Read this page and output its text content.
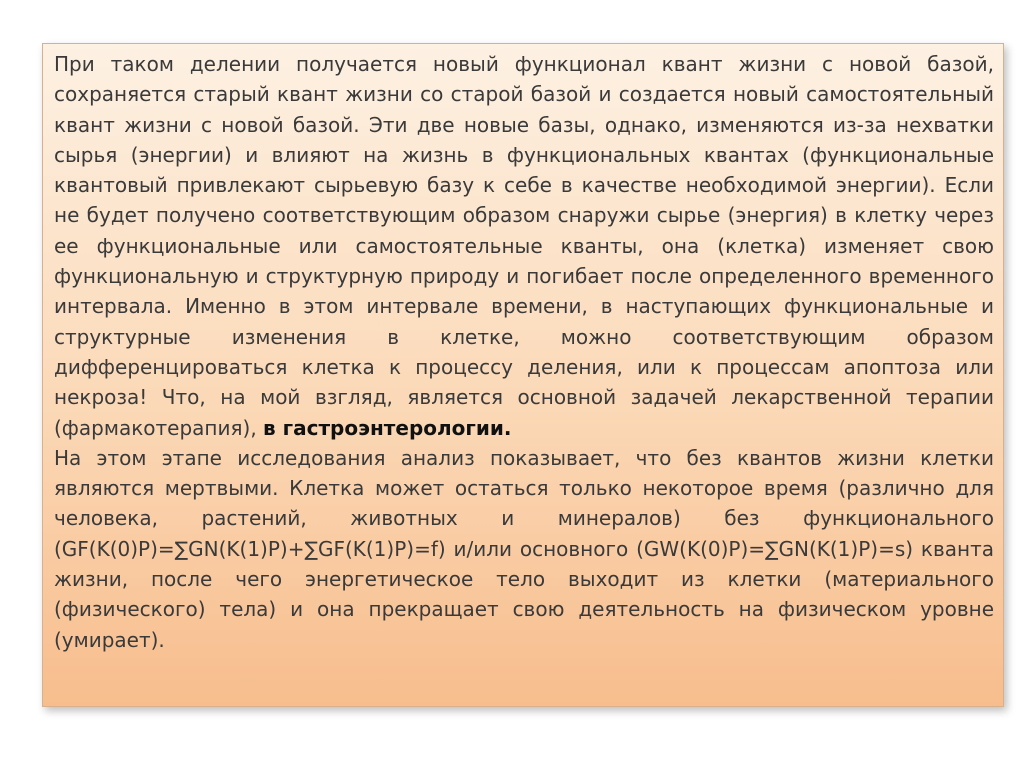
При таком делении получается новый функционал квант жизни с новой базой, сохраняется старый квант жизни со старой базой и создается новый самостоятельный квант жизни с новой базой. Эти две новые базы, однако, изменяются из-за нехватки сырья (энергии) и влияют на жизнь в функциональных квантах (функциональные квантовый привлекают сырьевую базу к себе в качестве необходимой энергии). Если не будет получено соответствующим образом снаружи сырье (энергия) в клетку через ее функциональные или самостоятельные кванты, она (клетка) изменяет свою функциональную и структурную природу и погибает после определенного временного интервала. Именно в этом интервале времени, в наступающих функциональные и структурные изменения в клетке, можно соответствующим образом дифференцироваться клетка к процессу деления, или к процессам апоптоза или некроза! Что, на мой взгляд, является основной задачей лекарственной терапии (фармакотерапия), в гастроэнтерологии.

На этом этапе исследования анализ показывает, что без квантов жизни клетки являются мертвыми. Клетка может остаться только некоторое время (различно для человека, растений, животных и минералов) без функционального (GF(K(0)P)=∑GN(K(1)P)+∑GF(K(1)P)=f) и/или основного (GW(K(0)P)=∑GN(K(1)P)=s) кванта жизни, после чего энергетическое тело выходит из клетки (материального (физического) тела) и она прекращает свою деятельность на физическом уровне (умирает).
